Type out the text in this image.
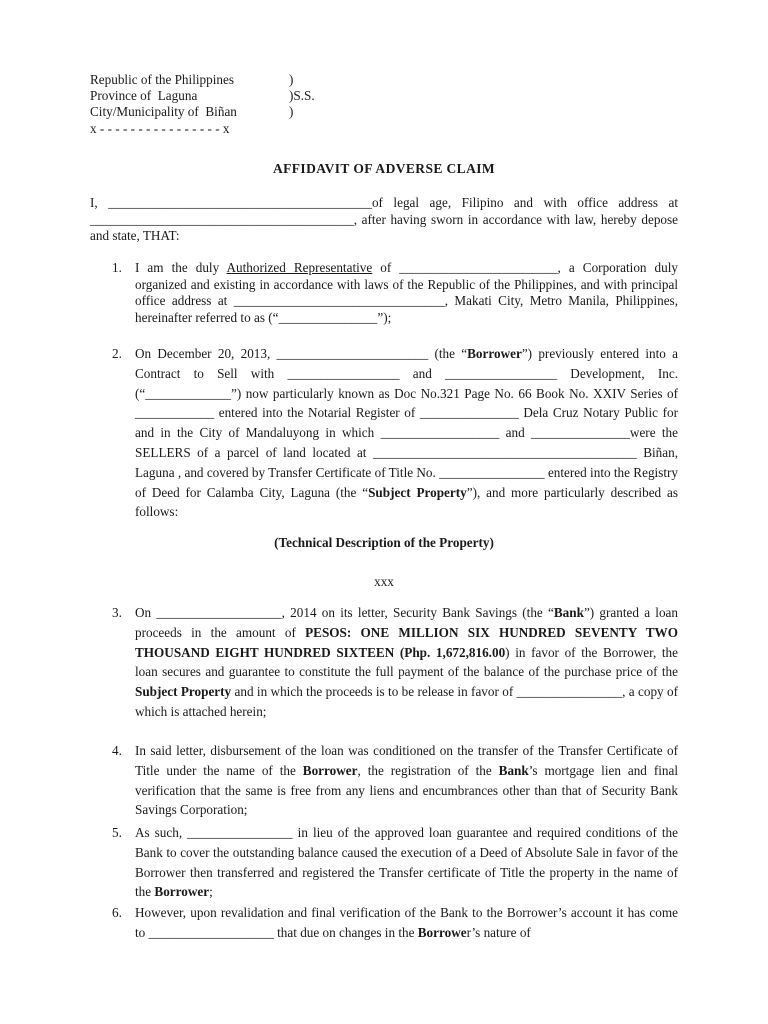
Republic of the Philippines
Province of  Laguna
City/Municipality of  Biñan
x - - - - - - - - - - - - - - - - x
)
)S.S.
)
AFFIDAVIT OF ADVERSE CLAIM
I, ________________________________________of legal age, Filipino and with office address at ________________________________________, after having sworn in accordance with law, hereby depose and state, THAT:
1. I am the duly Authorized Representative of ________________________, a Corporation duly organized and existing in accordance with laws of the Republic of the Philippines, and with principal office address at ________________________________, Makati City, Metro Manila, Philippines, hereinafter referred to as (“_______________”);
2. On December 20, 2013, _______________________ (the “Borrower”) previously entered into a Contract to Sell with _________________ and _________________ Development, Inc. (“_____________”) now particularly known as Doc No.321 Page No. 66 Book No. XXIV Series of ____________ entered into the Notarial Register of _______________ Dela Cruz Notary Public for and in the City of Mandaluyong in which __________________ and _______________were the SELLERS of a parcel of land located at ________________________________________ Biñan, Laguna , and covered by Transfer Certificate of Title No. ________________ entered into the Registry of Deed for Calamba City, Laguna (the “Subject Property”), and more particularly described as follows:
(Technical Description of the Property)
xxx
3. On ___________________, 2014 on its letter, Security Bank Savings (the “Bank”) granted a loan proceeds in the amount of PESOS: ONE MILLION SIX HUNDRED SEVENTY TWO THOUSAND EIGHT HUNDRED SIXTEEN (Php. 1,672,816.00) in favor of the Borrower, the loan secures and guarantee to constitute the full payment of the balance of the purchase price of the Subject Property and in which the proceeds is to be release in favor of ________________, a copy of which is attached herein;
4. In said letter, disbursement of the loan was conditioned on the transfer of the Transfer Certificate of Title under the name of the Borrower, the registration of the Bank’s mortgage lien and final verification that the same is free from any liens and encumbrances other than that of Security Bank Savings Corporation;
5. As such, ________________ in lieu of the approved loan guarantee and required conditions of the Bank to cover the outstanding balance caused the execution of a Deed of Absolute Sale in favor of the Borrower then transferred and registered the Transfer certificate of Title the property in the name of the Borrower;
6. However, upon revalidation and final verification of the Bank to the Borrower’s account it has come to ___________________ that due on changes in the Borrower’s nature of
